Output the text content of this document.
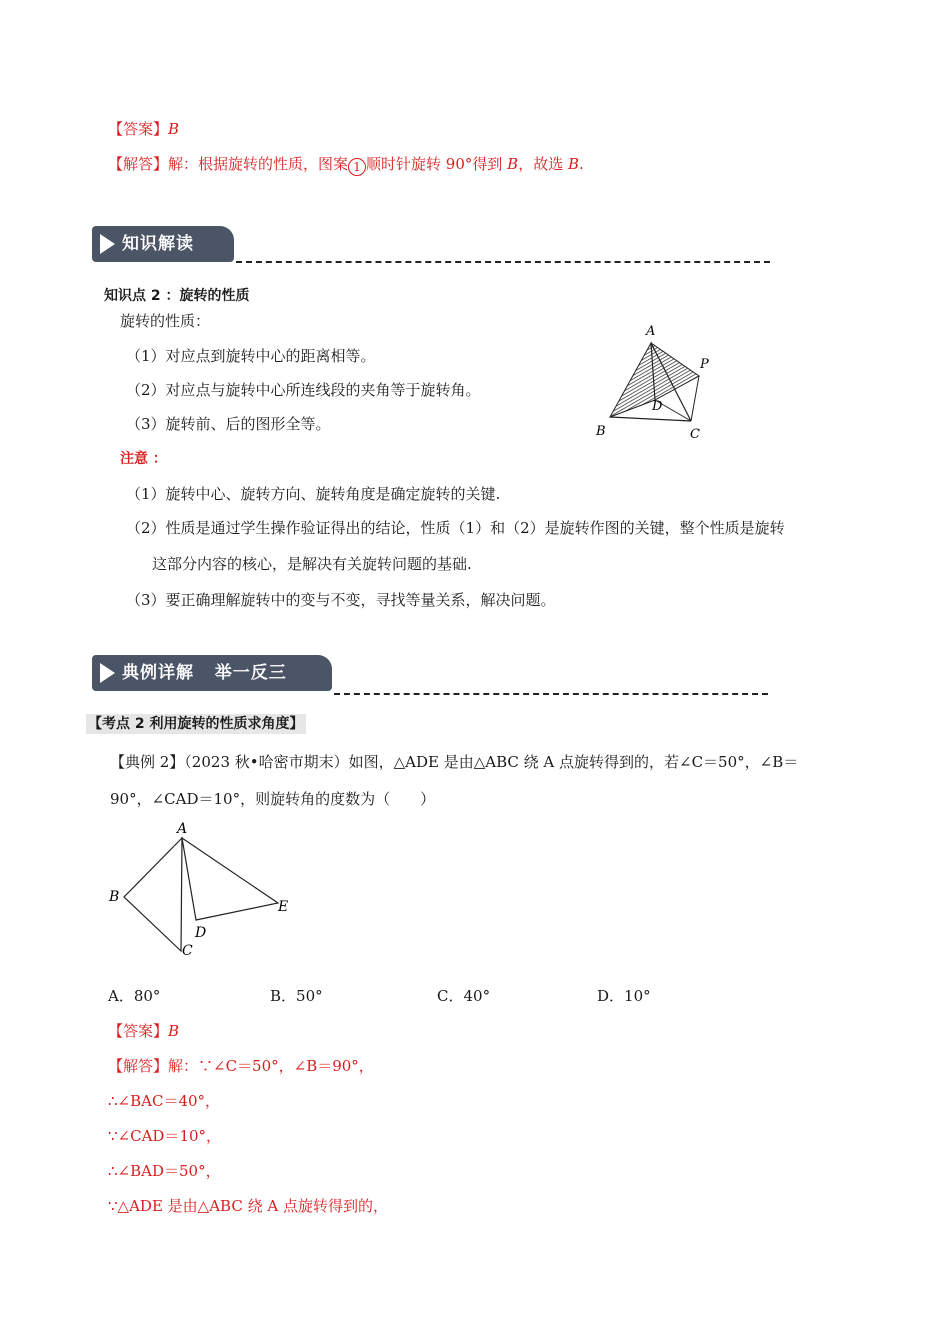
【答案】B
【解答】解：根据旋转的性质，图案 1 顺时针旋转 90°得到 B，故选 B.
知识解读
知识点 2 ：旋转的性质
旋转的性质：
（1）对应点到旋转中心的距离相等。
（2）对应点与旋转中心所连线段的夹角等于旋转角。
（3）旋转前、后的图形全等。
注意 ：
（1）旋转中心、旋转方向、旋转角度是确定旋转的关键.
（2）性质是通过学生操作验证得出的结论，性质（1）和（2）是旋转作图的关键，整个性质是旋转
这部分内容的核心，是解决有关旋转问题的基础.
（3）要正确理解旋转中的变与不变，寻找等量关系，解决问题。
A
P
D
B	C
典例详解   举一反三
【考点 2 利用旋转的性质求角度】
【典例 2】（2023 秋•哈密市期末）如图，△ADE 是由△ABC 绕 A 点旋转得到的，若∠C＝50°，∠B＝
90°，∠CAD＝10°，则旋转角的度数为（　　）
A
B
E
D
C
A．80°	B．50°	C．40°	D．10°
【答案】B
【解答】解：∵∠C＝50°，∠B＝90°，
∴∠BAC＝40°，
∵∠CAD＝10°，
∴∠BAD＝50°，
∵△ADE 是由△ABC 绕 A 点旋转得到的，
